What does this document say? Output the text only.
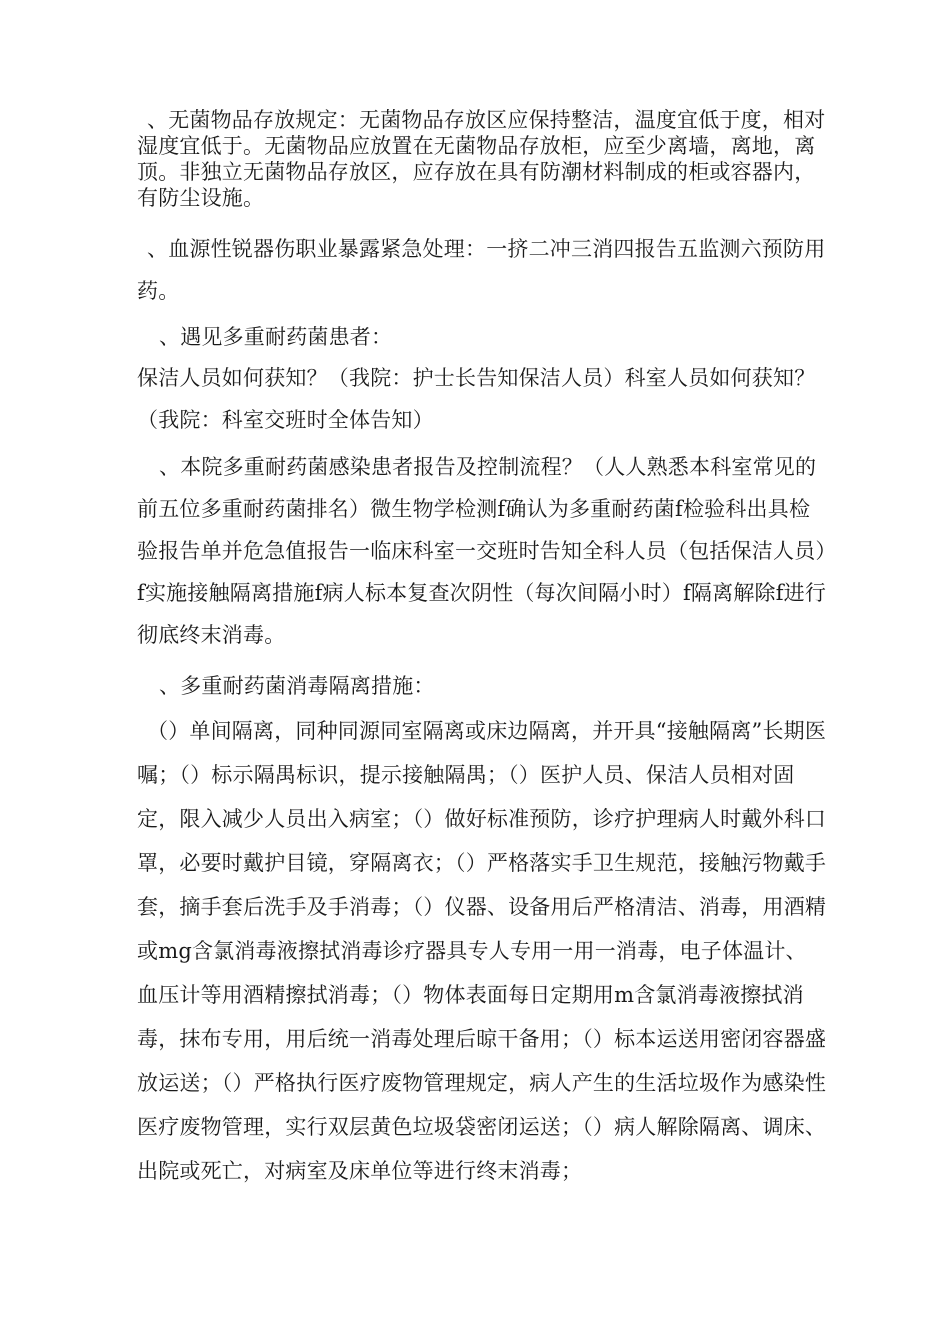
、无菌物品存放规定：无菌物品存放区应保持整洁，温度宜低于度，相对湿度宜低于。无菌物品应放置在无菌物品存放柜，应至少离墙，离地，离顶。非独立无菌物品存放区，应存放在具有防潮材料制成的柜或容器内，有防尘设施。

、血源性锐器伤职业暴露紧急处理：一挤二冲三消四报告五监测六预防用药。

、遇见多重耐药菌患者：

保洁人员如何获知？（我院：护士长告知保洁人员）科室人员如何获知？（我院：科室交班时全体告知）

、本院多重耐药菌感染患者报告及控制流程？（人人熟悉本科室常见的前五位多重耐药菌排名）微生物学检测f确认为多重耐药菌f检验科出具检验报告单并危急值报告一临床科室一交班时告知全科人员（包括保洁人员）f实施接触隔离措施f病人标本复查次阴性（每次间隔小时）f隔离解除f进行彻底终末消毒。

、多重耐药菌消毒隔离措施：

（）单间隔离，同种同源同室隔离或床边隔离，并开具“接触隔离”长期医嘱；（）标示隔禺标识，提示接触隔禺；（）医护人员、保洁人员相对固定，限入减少人员出入病室；（）做好标准预防，诊疗护理病人时戴外科口罩，必要时戴护目镜，穿隔离衣；（）严格落实手卫生规范，接触污物戴手套，摘手套后洗手及手消毒；（）仪器、设备用后严格清洁、消毒，用酒精或mg含氯消毒液擦拭消毒诊疗器具专人专用一用一消毒，电子体温计、血压计等用酒精擦拭消毒；（）物体表面每日定期用m含氯消毒液擦拭消毒，抹布专用，用后统一消毒处理后晾干备用；（）标本运送用密闭容器盛放运送；（）严格执行医疗废物管理规定，病人产生的生活垃圾作为感染性医疗废物管理，实行双层黄色垃圾袋密闭运送；（）病人解除隔离、调床、出院或死亡，对病室及床单位等进行终末消毒；
